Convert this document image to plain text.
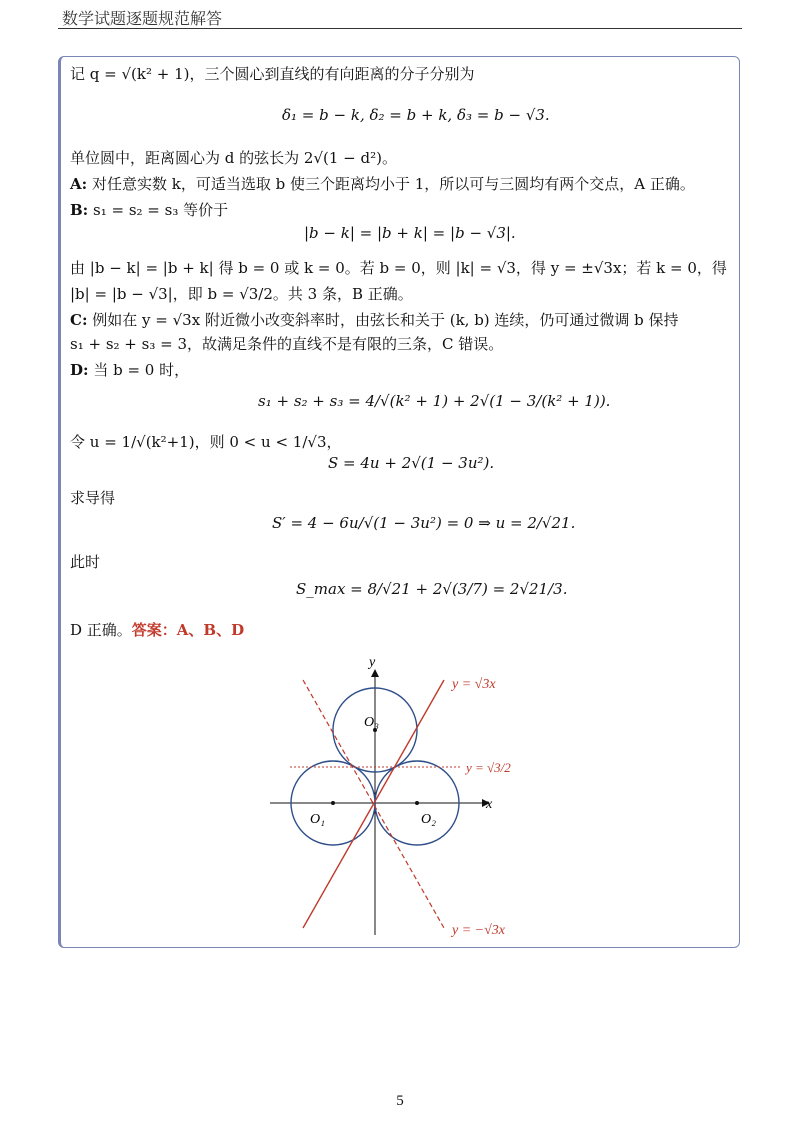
数学试题逐题规范解答
记 q = √(k² + 1)，三个圆心到直线的有向距离的分子分别为
δ₁ = b − k, δ₂ = b + k, δ₃ = b − √3.
单位圆中，距离圆心为 d 的弦长为 2√(1 − d²)。
A: 对任意实数 k，可适当选取 b 使三个距离均小于 1，所以可与三圆均有两个交点，A 正确。
B: s₁ = s₂ = s₃ 等价于
|b − k| = |b + k| = |b − √3|.
由 |b − k| = |b + k| 得 b = 0 或 k = 0。若 b = 0，则 |k| = √3，得 y = ±√3x；若 k = 0，得
|b| = |b − √3|，即 b = √3/2。共 3 条，B 正确。
C: 例如在 y = √3x 附近微小改变斜率时，由弦长和关于 (k, b) 连续，仍可通过微调 b 保持
s₁ + s₂ + s₃ = 3，故满足条件的直线不是有限的三条，C 错误。
D: 当 b = 0 时，
s₁ + s₂ + s₃ = 4/√(k² + 1) + 2√(1 − 3/(k² + 1)).
令 u = 1/√(k²+1)，则 0 < u < 1/√3，
S = 4u + 2√(1 − 3u²).
求导得
S′ = 4 − 6u/√(1 − 3u²) = 0 ⇒ u = 2/√21.
此时
S_max = 8/√21 + 2√(3/7) = 2√21/3.
D 正确。答案：A、B、D
x
y
O₁	O₂
O₃
y = √3x
y = √3/2
y = −√3x
5
